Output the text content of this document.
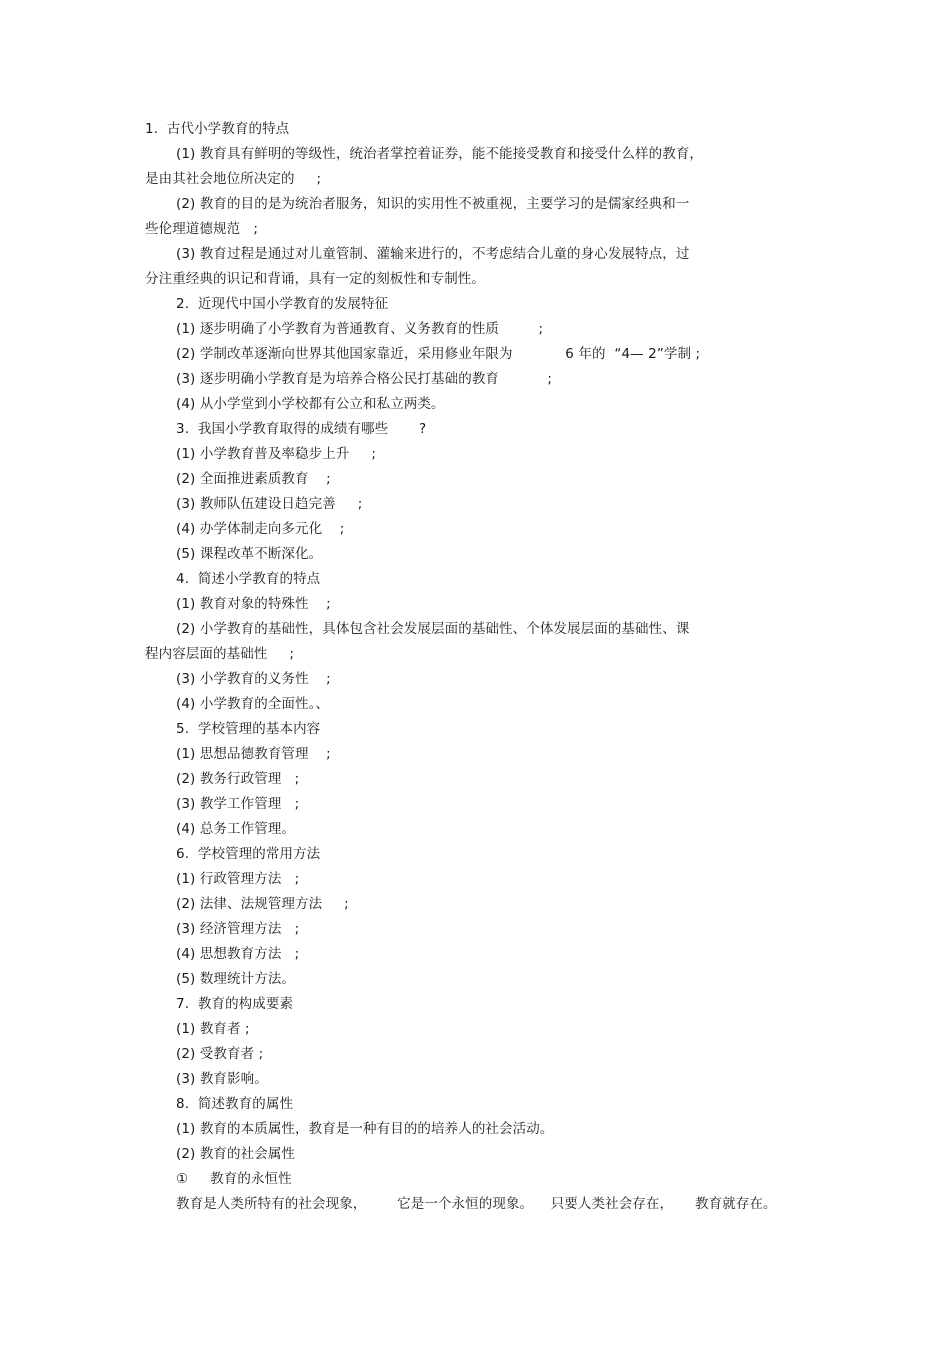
1.  古代小学教育的特点
(1) 教育具有鲜明的等级性，统治者掌控着证券，能不能接受教育和接受什么样的教育，
是由其社会地位所决定的     ;
(2) 教育的目的是为统治者服务，知识的实用性不被重视，主要学习的是儒家经典和一
些伦理道德规范   ;
(3) 教育过程是通过对儿童管制、灌输来进行的，不考虑结合儿童的身心发展特点，过
分注重经典的识记和背诵，具有一定的刻板性和专制性。
2.  近现代中国小学教育的发展特征
(1) 逐步明确了小学教育为普通教育、义务教育的性质         ;
(2) 学制改革逐渐向世界其他国家靠近，采用修业年限为            6 年的  “4— 2”学制 ;
(3) 逐步明确小学教育是为培养合格公民打基础的教育           ;
(4) 从小学堂到小学校都有公立和私立两类。
3.  我国小学教育取得的成绩有哪些       ?
(1) 小学教育普及率稳步上升     ;
(2) 全面推进素质教育    ;
(3) 教师队伍建设日趋完善     ;
(4) 办学体制走向多元化    ;
(5) 课程改革不断深化。
4.  简述小学教育的特点
(1) 教育对象的特殊性    ;
(2) 小学教育的基础性，具体包含社会发展层面的基础性、个体发展层面的基础性、课
程内容层面的基础性     ;
(3) 小学教育的义务性    ;
(4) 小学教育的全面性。、
5.  学校管理的基本内容
(1) 思想品德教育管理    ;
(2) 教务行政管理   ;
(3) 教学工作管理   ;
(4) 总务工作管理。
6.  学校管理的常用方法
(1) 行政管理方法   ;
(2) 法律、法规管理方法     ;
(3) 经济管理方法   ;
(4) 思想教育方法   ;
(5) 数理统计方法。
7.  教育的构成要素
(1) 教育者 ;
(2) 受教育者 ;
(3) 教育影响。
8.  简述教育的属性
(1) 教育的本质属性，教育是一种有目的的培养人的社会活动。
(2) 教育的社会属性
①     教育的永恒性
教育是人类所特有的社会现象，       它是一个永恒的现象。    只要人类社会存在，     教育就存在。
